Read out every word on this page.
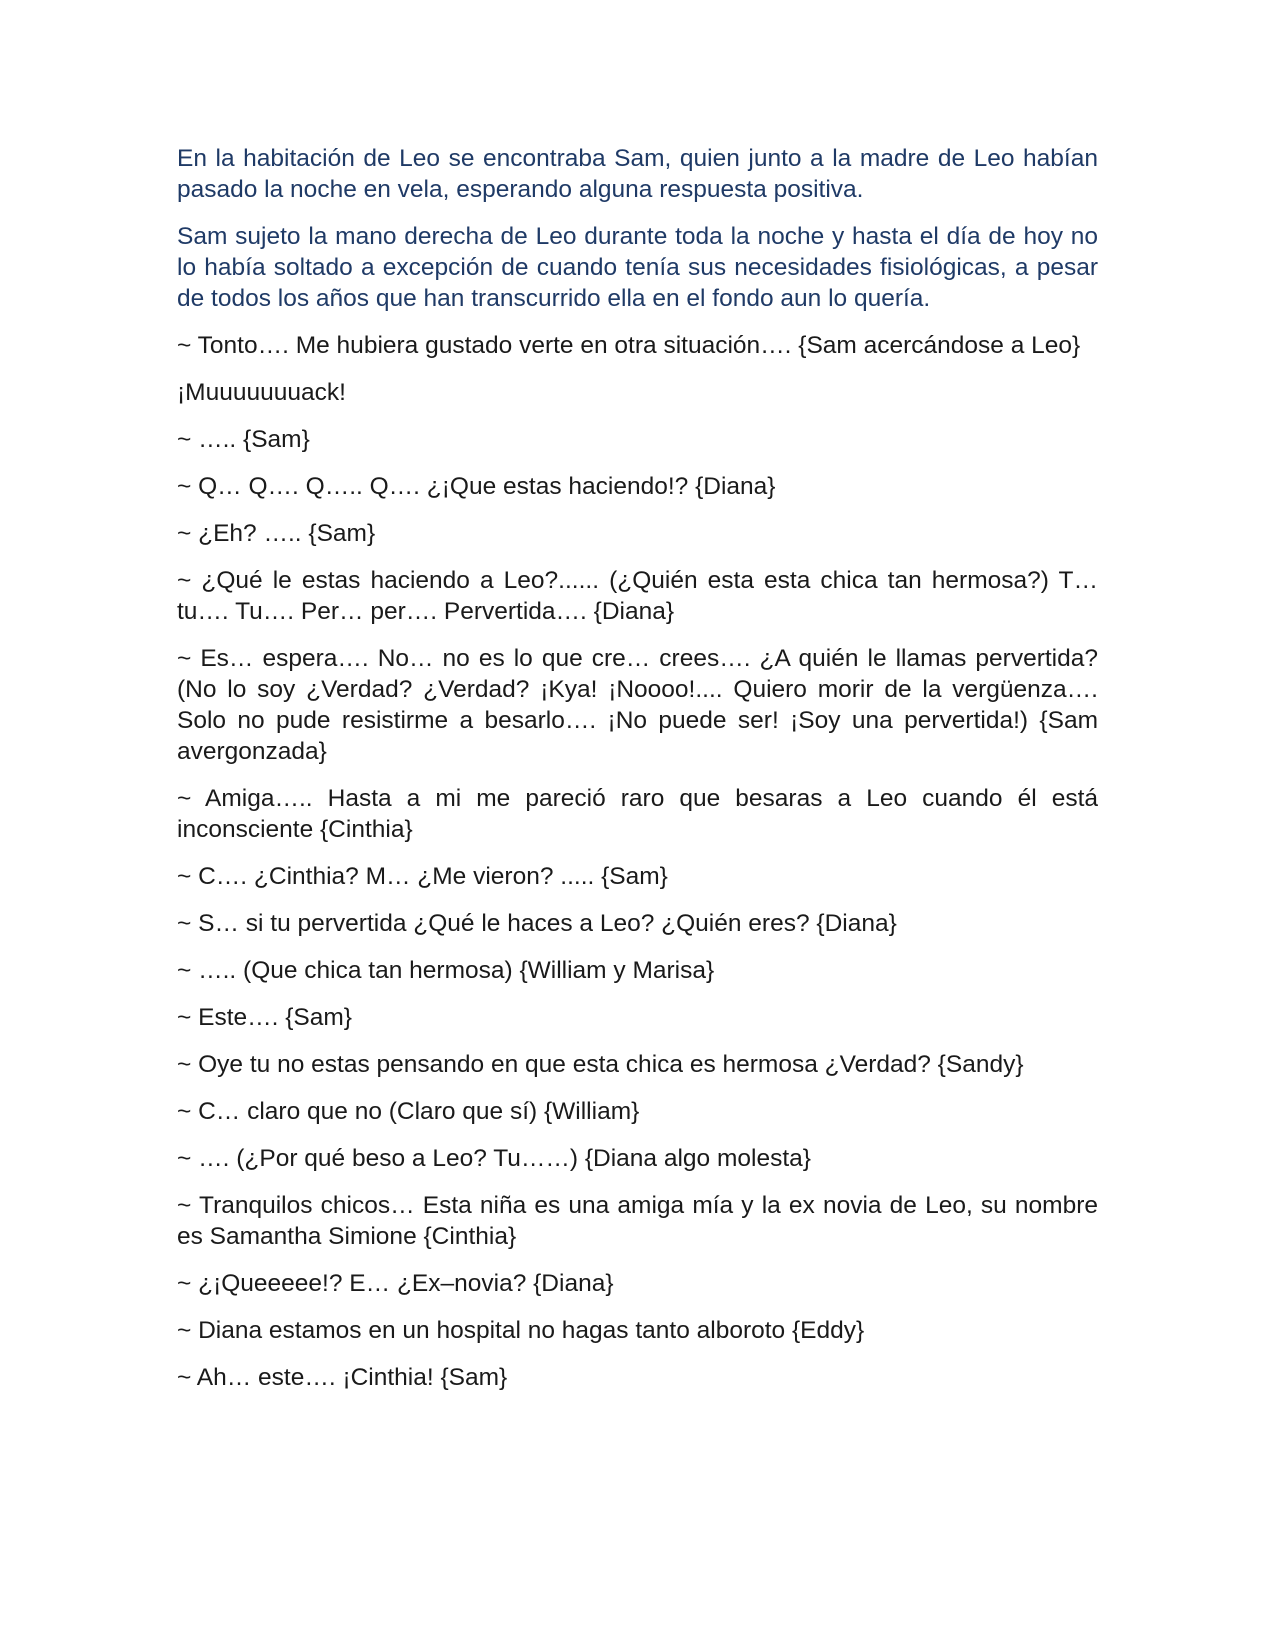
En la habitación de Leo se encontraba Sam, quien junto a la madre de Leo habían pasado la noche en vela, esperando alguna respuesta positiva.

Sam sujeto la mano derecha de Leo durante toda la noche y hasta el día de hoy no lo había soltado a excepción de cuando tenía sus necesidades fisiológicas, a pesar de todos los años que han transcurrido ella en el fondo aun lo quería.

~ Tonto…. Me hubiera gustado verte en otra situación…. {Sam acercándose a Leo}

¡Muuuuuuuack!

~ ….. {Sam}

~ Q… Q…. Q….. Q…. ¿¡Que estas haciendo!? {Diana}

~ ¿Eh? ….. {Sam}

~ ¿Qué le estas haciendo a Leo?...... (¿Quién esta esta chica tan hermosa?) T… tu…. Tu…. Per… per…. Pervertida…. {Diana}

~ Es… espera…. No… no es lo que cre… crees…. ¿A quién le llamas pervertida? (No lo soy ¿Verdad? ¿Verdad? ¡Kya! ¡Noooo!.... Quiero morir de la vergüenza…. Solo no pude resistirme a besarlo…. ¡No puede ser! ¡Soy una pervertida!) {Sam avergonzada}

~ Amiga….. Hasta a mi me pareció raro que besaras a Leo cuando él está inconsciente {Cinthia}

~ C…. ¿Cinthia? M… ¿Me vieron? ..... {Sam}

~ S… si tu pervertida ¿Qué le haces a Leo? ¿Quién eres? {Diana}

~ ….. (Que chica tan hermosa) {William y Marisa}

~ Este…. {Sam}

~ Oye tu no estas pensando en que esta chica es hermosa ¿Verdad? {Sandy}

~ C… claro que no (Claro que sí) {William}

~ …. (¿Por qué beso a Leo? Tu……) {Diana algo molesta}

~ Tranquilos chicos… Esta niña es una amiga mía y la ex novia de Leo, su nombre es Samantha Simione {Cinthia}

~ ¿¡Queeeee!? E… ¿Ex–novia? {Diana}

~ Diana estamos en un hospital no hagas tanto alboroto {Eddy}

~ Ah… este…. ¡Cinthia! {Sam}
